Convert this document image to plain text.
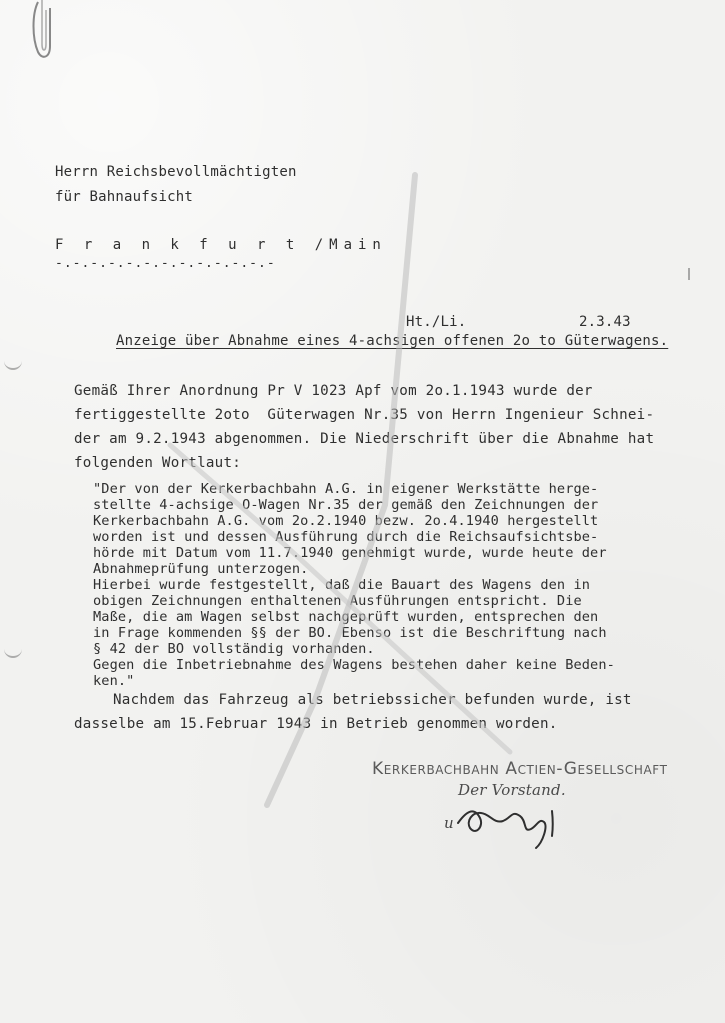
Herrn Reichsbevollmächtigten
für Bahnaufsicht
F r a n k f u r t /Main
-.-.-.-.-.-.-.-.-.-.-.-.-
Ht./Li.	2.3.43
Anzeige über Abnahme eines 4-achsigen offenen 2o to Güterwagens.
Gemäß Ihrer Anordnung Pr V 1023 Apf vom 2o.1.1943 wurde der
fertiggestellte 2oto  Güterwagen Nr.35 von Herrn Ingenieur Schnei-
der am 9.2.1943 abgenommen. Die Niederschrift über die Abnahme hat
folgenden Wortlaut:
"Der von der Kerkerbachbahn A.G. in eigener Werkstätte herge-
stellte 4-achsige O-Wagen Nr.35 der gemäß den Zeichnungen der
Kerkerbachbahn A.G. vom 2o.2.1940 bezw. 2o.4.1940 hergestellt
worden ist und dessen Ausführung durch die Reichsaufsichtsbe-
hörde mit Datum vom 11.7.1940 genehmigt wurde, wurde heute der
Abnahmeprüfung unterzogen.
Hierbei wurde festgestellt, daß die Bauart des Wagens den in
obigen Zeichnungen enthaltenen Ausführungen entspricht. Die
Maße, die am Wagen selbst nachgeprüft wurden, entsprechen den
in Frage kommenden §§ der BO. Ebenso ist die Beschriftung nach
§ 42 der BO vollständig vorhanden.
Gegen die Inbetriebnahme des Wagens bestehen daher keine Beden-
ken."
Nachdem das Fahrzeug als betriebssicher befunden wurde, ist
dasselbe am 15.Februar 1943 in Betrieb genommen worden.
Kerkerbachbahn Actien-Gesellschaft
Der Vorstand.
u
